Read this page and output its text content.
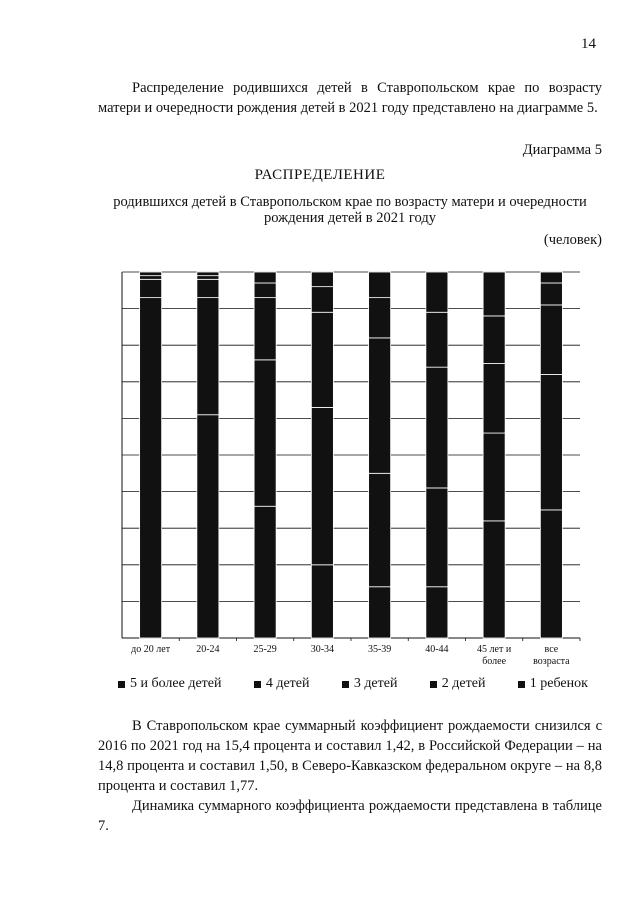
14

Распределение родившихся детей в Ставропольском крае по возрасту матери и очередности рождения детей в 2021 году представлено на диаграмме 5.

Диаграмма 5
РАСПРЕДЕЛЕНИЕ
родившихся детей в Ставропольском крае по возрасту матери и очередности рождения детей в 2021 году
(человек)
до 20 лет	20-24	25-29	30-34	35-39	40-44	45 лет и
более
все
возраста
5 и более детей	4 детей	3 детей	2 детей	1 ребенок

В Ставропольском крае суммарный коэффициент рождаемости снизился с 2016 по 2021 год на 15,4 процента и составил 1,42, в Российской Федерации – на 14,8 процента и составил 1,50, в Северо-Кавказском федеральном округе – на 8,8 процента и составил 1,77.

Динамика суммарного коэффициента рождаемости представлена в таблице 7.
